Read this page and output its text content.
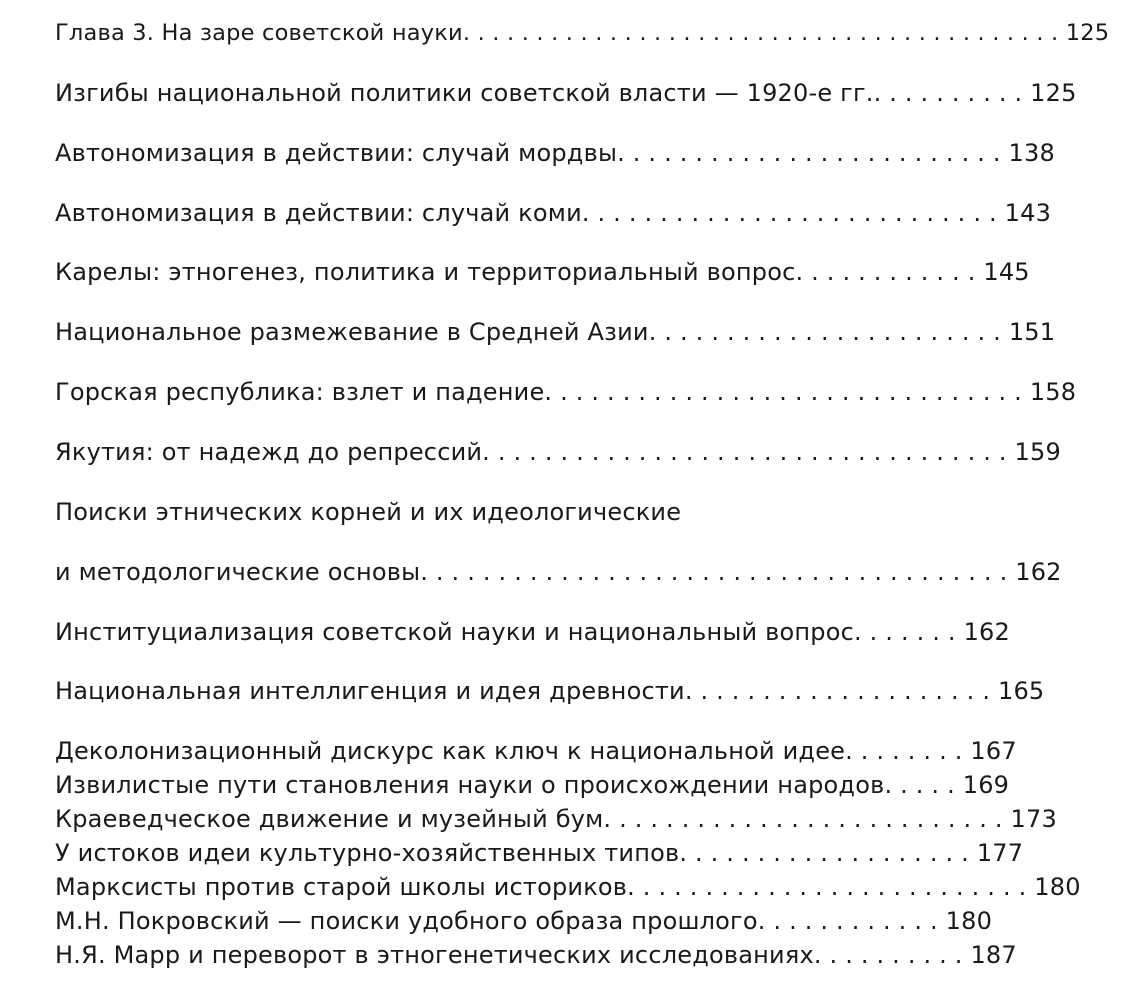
Глава 3. На заре советской науки. . . . . . . . . . . . . . . . . . . . . . . . . . . . . . . . . . . . . . . . . 125
Изгибы национальной политики советской власти — 1920-е гг.. . . . . . . . . . 125
Автономизация в действии: случай мордвы. . . . . . . . . . . . . . . . . . . . . . . . . 138
Автономизация в действии: случай коми. . . . . . . . . . . . . . . . . . . . . . . . . . . 143
Карелы: этногенез, политика и территориальный вопрос. . . . . . . . . . . . 145
Национальное размежевание в Средней Азии. . . . . . . . . . . . . . . . . . . . . . . 151
Горская республика: взлет и падение. . . . . . . . . . . . . . . . . . . . . . . . . . . . . . . 158
Якутия: от надежд до репрессий. . . . . . . . . . . . . . . . . . . . . . . . . . . . . . . . . . 159
Поиски этнических корней и их идеологические
и методологические основы. . . . . . . . . . . . . . . . . . . . . . . . . . . . . . . . . . . . . . 162
Институциализация советской науки и национальный вопрос. . . . . . . 162
Национальная интеллигенция и идея древности. . . . . . . . . . . . . . . . . . . . 165
Деколонизационный дискурс как ключ к национальной идее. . . . . . . . 167
Извилистые пути становления науки о происхождении народов. . . . . 169
Краеведческое движение и музейный бум. . . . . . . . . . . . . . . . . . . . . . . . . . 173
У истоков идеи культурно-хозяйственных типов. . . . . . . . . . . . . . . . . . . 177
Марксисты против старой школы историков. . . . . . . . . . . . . . . . . . . . . . . . . . 180
М.Н. Покровский — поиски удобного образа прошлого. . . . . . . . . . . . 180
Н.Я. Марр и переворот в этногенетических исследованиях. . . . . . . . . . 187
